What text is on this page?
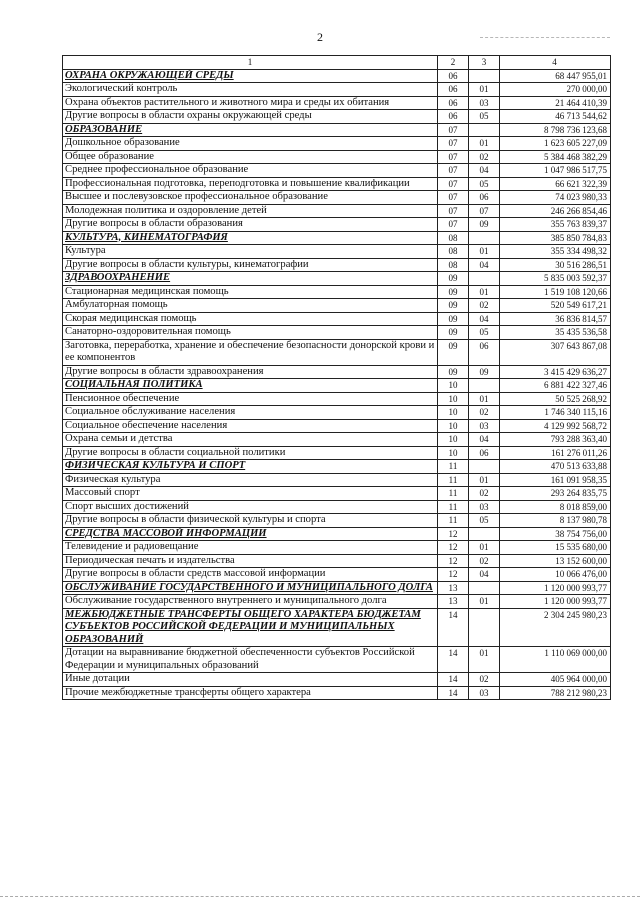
2
1	2	3	4
ОХРАНА ОКРУЖАЮЩЕЙ СРЕДЫ	06		68 447 955,01
Экологический контроль	06	01	270 000,00
Охрана объектов растительного и животного мира и среды их обитания	06	03	21 464 410,39
Другие вопросы в области охраны окружающей среды	06	05	46 713 544,62
ОБРАЗОВАНИЕ	07		8 798 736 123,68
Дошкольное образование	07	01	1 623 605 227,09
Общее образование	07	02	5 384 468 382,29
Среднее профессиональное образование	07	04	1 047 986 517,75
Профессиональная подготовка, переподготовка и повышение квалификации	07	05	66 621 322,39
Высшее и послевузовское профессиональное образование	07	06	74 023 980,33
Молодежная политика и оздоровление детей	07	07	246 266 854,46
Другие вопросы в области образования	07	09	355 763 839,37
КУЛЬТУРА, КИНЕМАТОГРАФИЯ	08		385 850 784,83
Культура	08	01	355 334 498,32
Другие вопросы в области культуры, кинематографии	08	04	30 516 286,51
ЗДРАВООХРАНЕНИЕ	09		5 835 003 592,37
Стационарная медицинская помощь	09	01	1 519 108 120,66
Амбулаторная помощь	09	02	520 549 617,21
Скорая медицинская помощь	09	04	36 836 814,57
Санаторно-оздоровительная помощь	09	05	35 435 536,58
Заготовка, переработка, хранение и обеспечение безопасности донорской крови и ее компонентов	09	06	307 643 867,08
Другие вопросы в области здравоохранения	09	09	3 415 429 636,27
СОЦИАЛЬНАЯ ПОЛИТИКА	10		6 881 422 327,46
Пенсионное обеспечение	10	01	50 525 268,92
Социальное обслуживание населения	10	02	1 746 340 115,16
Социальное обеспечение населения	10	03	4 129 992 568,72
Охрана семьи и детства	10	04	793 288 363,40
Другие вопросы в области социальной политики	10	06	161 276 011,26
ФИЗИЧЕСКАЯ КУЛЬТУРА И СПОРТ	11		470 513 633,88
Физическая культура	11	01	161 091 958,35
Массовый спорт	11	02	293 264 835,75
Спорт высших достижений	11	03	8 018 859,00
Другие вопросы в области физической культуры и спорта	11	05	8 137 980,78
СРЕДСТВА МАССОВОЙ ИНФОРМАЦИИ	12		38 754 756,00
Телевидение и радиовещание	12	01	15 535 680,00
Периодическая печать и издательства	12	02	13 152 600,00
Другие вопросы в области средств массовой информации	12	04	10 066 476,00
ОБСЛУЖИВАНИЕ ГОСУДАРСТВЕННОГО И МУНИЦИПАЛЬНОГО ДОЛГА	13		1 120 000 993,77
Обслуживание государственного внутреннего и муниципального долга	13	01	1 120 000 993,77
МЕЖБЮДЖЕТНЫЕ ТРАНСФЕРТЫ ОБЩЕГО ХАРАКТЕРА БЮДЖЕТАМ СУБЪЕКТОВ РОССИЙСКОЙ ФЕДЕРАЦИИ И МУНИЦИПАЛЬНЫХ ОБРАЗОВАНИЙ	14		2 304 245 980,23
Дотации на выравнивание бюджетной обеспеченности субъектов Российской Федерации и муниципальных образований	14	01	1 110 069 000,00
Иные дотации	14	02	405 964 000,00
Прочие межбюджетные трансферты общего характера	14	03	788 212 980,23
